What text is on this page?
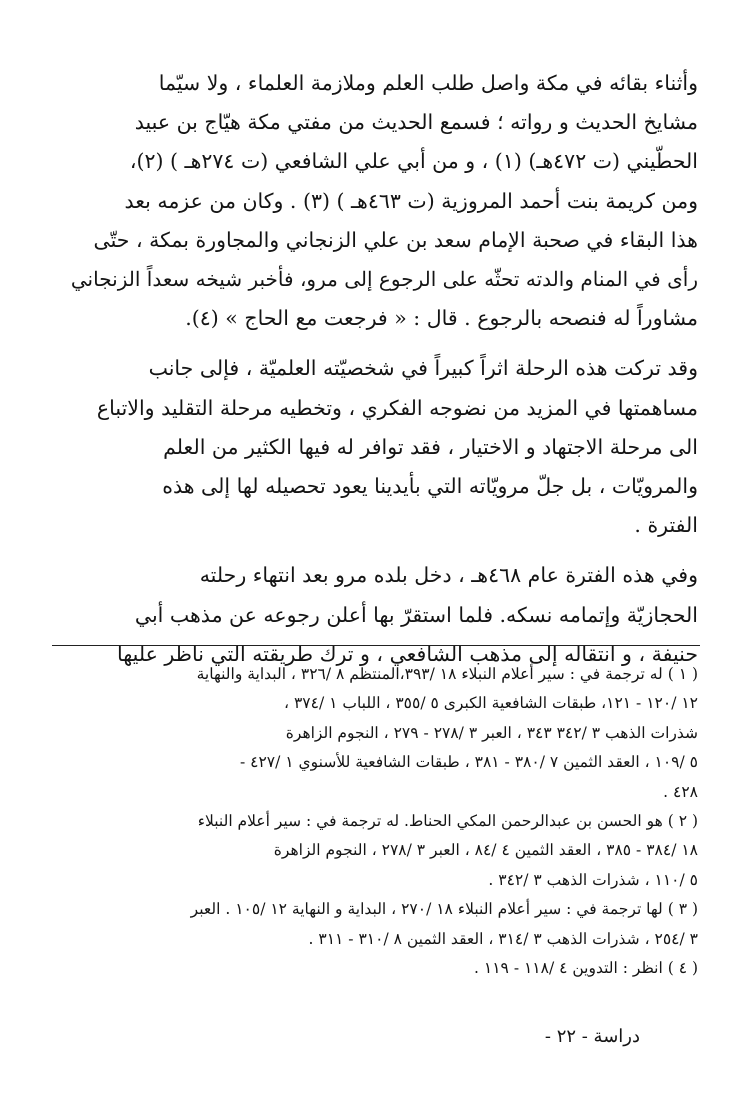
وأثناء بقائه في مكة واصل طلب العلم وملازمة العلماء ، ولا سيّما
مشايخ الحديث و رواته ؛ فسمع الحديث من مفتي مكة هيّاج بن عبيد
الحطّيني (ت ٤٧٢هـ) (١) ، و من أبي علي الشافعي (ت ٢٧٤هـ ) (٢)،
ومن كريمة بنت أحمد المروزية (ت ٤٦٣هـ ) (٣) . وكان من عزمه بعد
هذا البقاء في صحبة الإمام سعد بن علي الزنجاني والمجاورة بمكة ، حتّى
رأى في المنام والدته تحثّه على الرجوع إلى مرو، فأخبر شيخه سعداً الزنجاني
مشاوراً له فنصحه بالرجوع . قال : « فرجعت مع الحاج » (٤).

وقد تركت هذه الرحلة اثراً كبيراً في شخصيّته العلميّة ، فإلى جانب
مساهمتها في المزيد من نضوجه الفكري ، وتخطيه مرحلة التقليد والاتباع
الى مرحلة الاجتهاد و الاختيار ، فقد توافر له فيها الكثير من العلم
والمرويّات ، بل جلّ مرويّاته التي بأيدينا يعود تحصيله لها إلى هذه
الفترة .

وفي هذه الفترة عام ٤٦٨هـ ، دخل بلده مرو بعد انتهاء رحلته
الحجازيّة وإتمامه نسكه. فلما استقرّ بها أعلن رجوعه عن مذهب أبي
حنيفة ، و انتقاله إلى مذهب الشافعي ، و ترك طريقته التي ناظر عليها

( ١ ) له ترجمة في : سير أعلام النبلاء ١٨ /٣٩٣،المنتظم ٨ /٣٢٦ ، البداية والنهاية
١٢ /١٢٠ - ١٢١، طبقات الشافعية الكبرى ٥ /٣٥٥ ، اللباب ١ /٣٧٤ ،
شذرات الذهب ٣ /٣٤٢ ٣٤٣ ، العبر ٣ /٢٧٨ - ٢٧٩ ، النجوم الزاهرة
٥ /١٠٩ ، العقد الثمين ٧ /٣٨٠ - ٣٨١ ، طبقات الشافعية للأسنوي ١ /٤٢٧ -
٤٢٨ .
( ٢ ) هو الحسن بن عبدالرحمن المكي الحناط. له ترجمة في : سير أعلام النبلاء
١٨ /٣٨٤ - ٣٨٥ ، العقد الثمين ٤ /٨٤ ، العبر ٣ /٢٧٨ ، النجوم الزاهرة
٥ /١١٠ ، شذرات الذهب ٣ /٣٤٢ .
( ٣ ) لها ترجمة في : سير أعلام النبلاء ١٨ /٢٧٠ ، البداية و النهاية ١٢ /١٠٥ . العبر
٣ /٢٥٤ ، شذرات الذهب ٣ /٣١٤ ، العقد الثمين ٨ /٣١٠ - ٣١١ .
( ٤ ) انظر : التدوين ٤ /١١٨ - ١١٩ .
دراسة - ٢٢ -
